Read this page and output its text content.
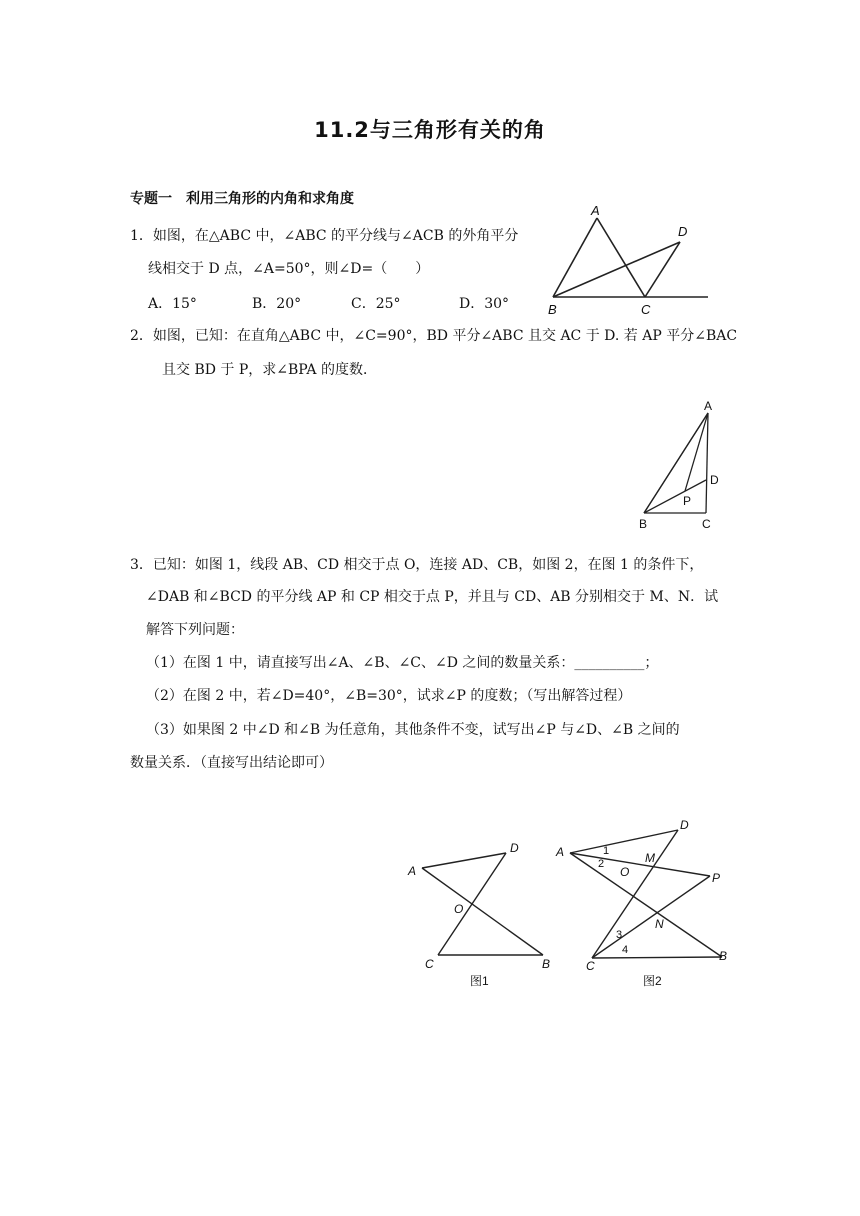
11.2与三角形有关的角
专题一　利用三角形的内角和求角度
1．如图，在△ABC 中，∠ABC 的平分线与∠ACB 的外角平分
线相交于 D 点，∠A=50°，则∠D=（　　）
A．15°	B．20°	C．25°	D．30°
A
B	C
D
2．如图，已知：在直角△ABC 中，∠C=90°，BD 平分∠ABC 且交 AC 于 D. 若 AP 平分∠BAC
且交 BD 于 P，求∠BPA 的度数．
A
B	C
D
P
3．已知：如图 1，线段 AB、CD 相交于点 O，连接 AD、CB，如图 2，在图 1 的条件下，
∠DAB 和∠BCD 的平分线 AP 和 CP 相交于点 P，并且与 CD、AB 分别相交于 M、N．试
解答下列问题：
（1）在图 1 中，请直接写出∠A、∠B、∠C、∠D 之间的数量关系：__________；
（2）在图 2 中，若∠D=40°，∠B=30°，试求∠P 的度数；（写出解答过程）
（3）如果图 2 中∠D 和∠B 为任意角，其他条件不变，试写出∠P 与∠D、∠B 之间的
数量关系．（直接写出结论即可）
A
D
O
C	B
图1
A
D
M
P
O
N
C
B
1
2
3
4
图2
